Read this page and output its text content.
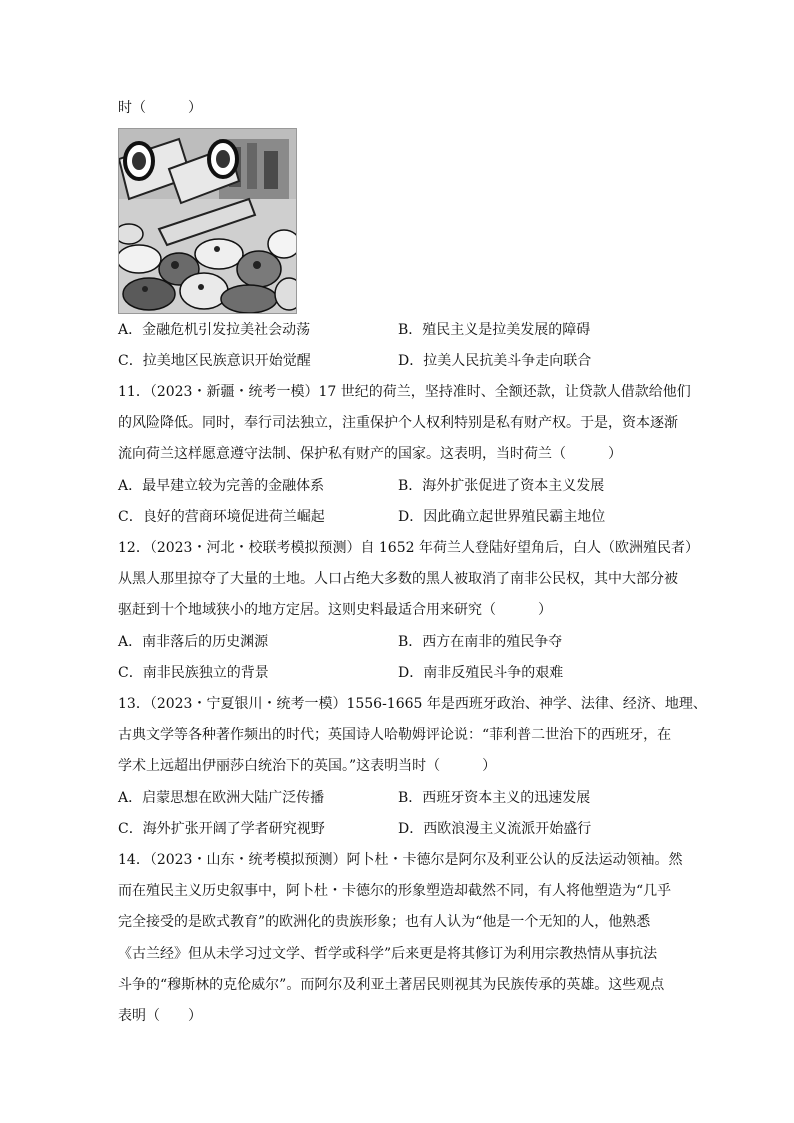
时（　　　）
A．金融危机引发拉美社会动荡	B．殖民主义是拉美发展的障碍
C．拉美地区民族意识开始觉醒	D．拉美人民抗美斗争走向联合
11．（2023・新疆・统考一模）17 世纪的荷兰，坚持准时、全额还款，让贷款人借款给他们
的风险降低。同时，奉行司法独立，注重保护个人权利特别是私有财产权。于是，资本逐渐
流向荷兰这样愿意遵守法制、保护私有财产的国家。这表明，当时荷兰（　　　）
A．最早建立较为完善的金融体系	B．海外扩张促进了资本主义发展
C．良好的营商环境促进荷兰崛起	D．因此确立起世界殖民霸主地位
12．（2023・河北・校联考模拟预测）自 1652 年荷兰人登陆好望角后，白人（欧洲殖民者）
从黑人那里掠夺了大量的土地。人口占绝大多数的黑人被取消了南非公民权，其中大部分被
驱赶到十个地域狭小的地方定居。这则史料最适合用来研究（　　　）
A．南非落后的历史渊源	B．西方在南非的殖民争夺
C．南非民族独立的背景	D．南非反殖民斗争的艰难
13．（2023・宁夏银川・统考一模）1556-1665 年是西班牙政治、神学、法律、经济、地理、
古典文学等各种著作频出的时代；英国诗人哈勒姆评论说：“菲利普二世治下的西班牙，在
学术上远超出伊丽莎白统治下的英国。”这表明当时（　　　）
A．启蒙思想在欧洲大陆广泛传播	B．西班牙资本主义的迅速发展
C．海外扩张开阔了学者研究视野	D．西欧浪漫主义流派开始盛行
14．（2023・山东・统考模拟预测）阿卜杜・卡德尔是阿尔及利亚公认的反法运动领袖。然
而在殖民主义历史叙事中，阿卜杜・卡德尔的形象塑造却截然不同，有人将他塑造为“几乎
完全接受的是欧式教育”的欧洲化的贵族形象；也有人认为“他是一个无知的人，他熟悉
《古兰经》但从未学习过文学、哲学或科学”后来更是将其修订为利用宗教热情从事抗法
斗争的“穆斯林的克伦威尔”。而阿尔及利亚土著居民则视其为民族传承的英雄。这些观点
表明（　　）
